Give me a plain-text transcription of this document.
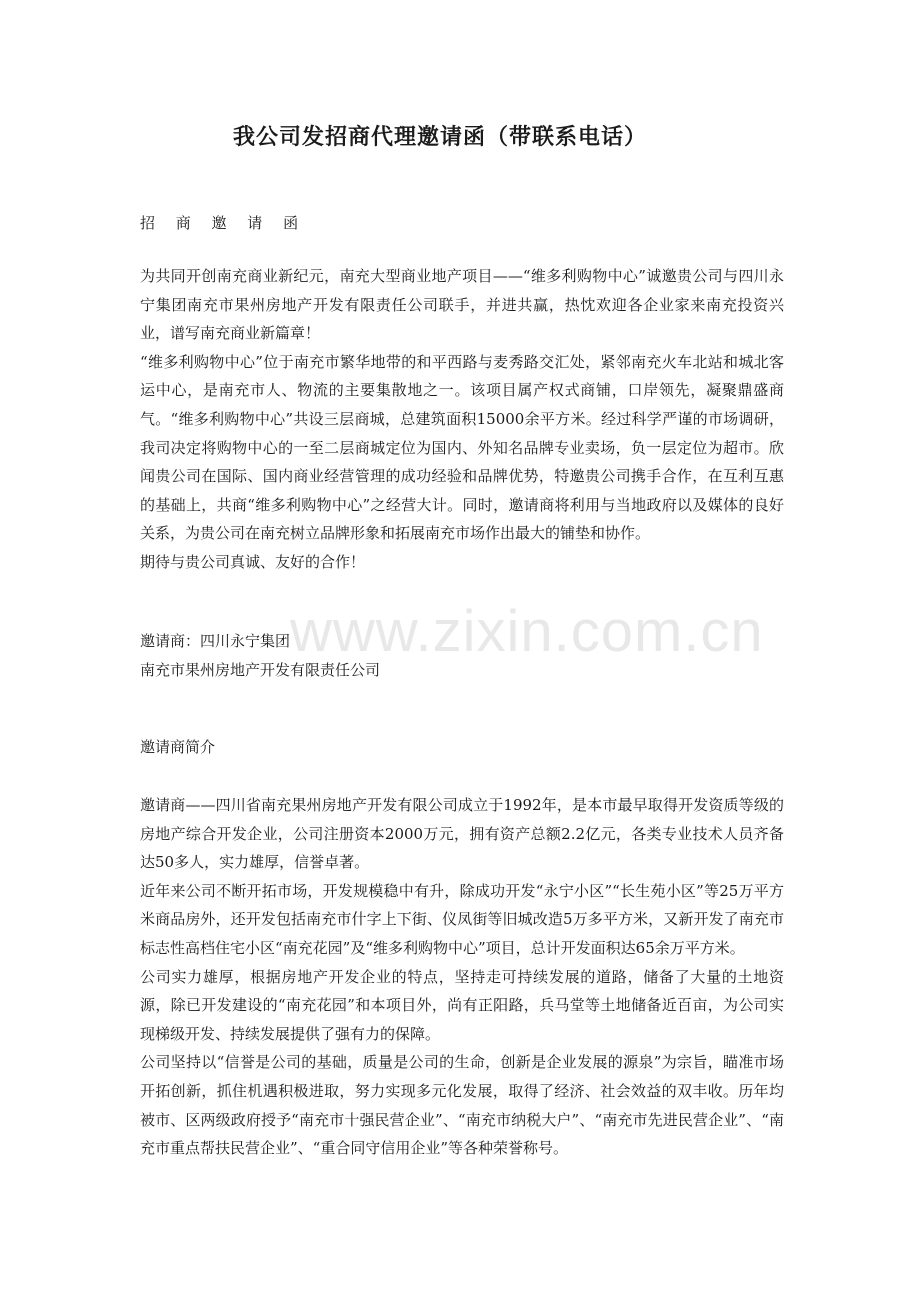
我公司发招商代理邀请函（带联系电话）
招 商 邀 请 函

为共同开创南充商业新纪元，南充大型商业地产项目——“维多利购物中心”诚邀贵公司与四川永宁集团南充市果州房地产开发有限责任公司联手，并进共赢，热忱欢迎各企业家来南充投资兴业，谱写南充商业新篇章！

“维多利购物中心”位于南充市繁华地带的和平西路与麦秀路交汇处，紧邻南充火车北站和城北客运中心，是南充市人、物流的主要集散地之一。该项目属产权式商铺，口岸领先，凝聚鼎盛商气。“维多利购物中心”共设三层商城，总建筑面积15000余平方米。经过科学严谨的市场调研，我司决定将购物中心的一至二层商城定位为国内、外知名品牌专业卖场，负一层定位为超市。欣闻贵公司在国际、国内商业经营管理的成功经验和品牌优势，特邀贵公司携手合作，在互利互惠的基础上，共商“维多利购物中心”之经营大计。同时，邀请商将利用与当地政府以及媒体的良好关系，为贵公司在南充树立品牌形象和拓展南充市场作出最大的铺垫和协作。

期待与贵公司真诚、友好的合作！

邀请商：四川永宁集团

南充市果州房地产开发有限责任公司

邀请商简介

邀请商——四川省南充果州房地产开发有限公司成立于1992年，是本市最早取得开发资质等级的房地产综合开发企业，公司注册资本2000万元，拥有资产总额2.2亿元，各类专业技术人员齐备达50多人，实力雄厚，信誉卓著。

近年来公司不断开拓市场，开发规模稳中有升，除成功开发“永宁小区”“长生苑小区”等25万平方米商品房外，还开发包括南充市什字上下街、仪凤街等旧城改造5万多平方米，又新开发了南充市标志性高档住宅小区“南充花园”及“维多利购物中心”项目，总计开发面积达65余万平方米。

公司实力雄厚，根据房地产开发企业的特点，坚持走可持续发展的道路，储备了大量的土地资源，除已开发建设的“南充花园”和本项目外，尚有正阳路，兵马堂等土地储备近百亩，为公司实现梯级开发、持续发展提供了强有力的保障。

公司坚持以“信誉是公司的基础，质量是公司的生命，创新是企业发展的源泉”为宗旨，瞄准市场开拓创新，抓住机遇积极进取，努力实现多元化发展，取得了经济、社会效益的双丰收。历年均被市、区两级政府授予“南充市十强民营企业”、“南充市纳税大户”、“南充市先进民营企业”、“南充市重点帮扶民营企业”、“重合同守信用企业”等各种荣誉称号。

www.zixin.com.cn
